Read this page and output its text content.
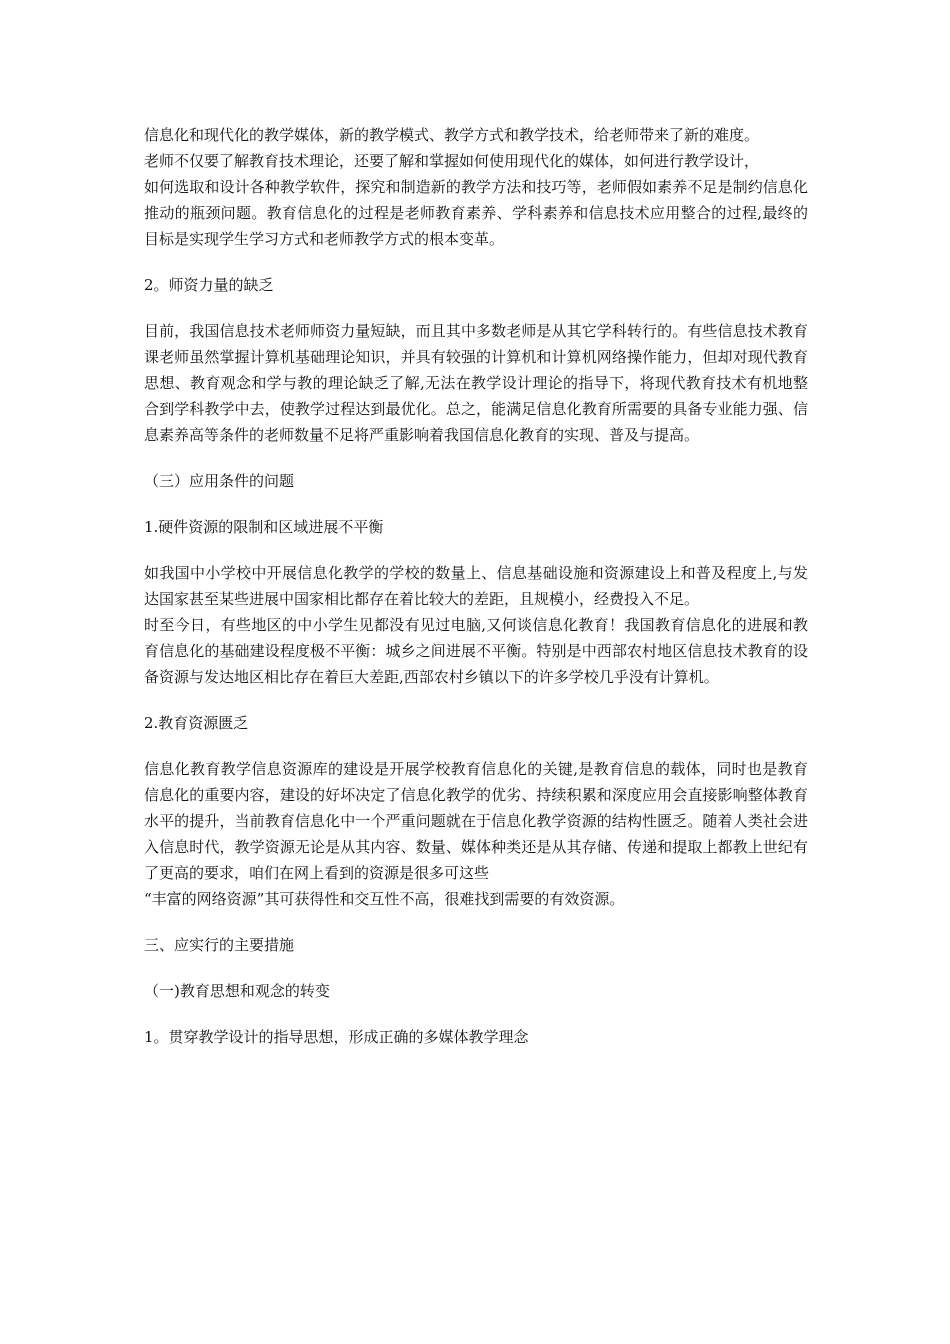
信息化和现代化的教学媒体，新的教学模式、教学方式和教学技术，给老师带来了新的难度。

老师不仅要了解教育技术理论，还要了解和掌握如何使用现代化的媒体，如何进行教学设计，

如何选取和设计各种教学软件，探究和制造新的教学方法和技巧等，老师假如素养不足是制约信息化推动的瓶颈问题。教育信息化的过程是老师教育素养、学科素养和信息技术应用整合的过程,最终的目标是实现学生学习方式和老师教学方式的根本变革。

2。师资力量的缺乏

目前，我国信息技术老师师资力量短缺，而且其中多数老师是从其它学科转行的。有些信息技术教育课老师虽然掌握计算机基础理论知识，并具有较强的计算机和计算机网络操作能力，但却对现代教育思想、教育观念和学与教的理论缺乏了解,无法在教学设计理论的指导下，将现代教育技术有机地整合到学科教学中去，使教学过程达到最优化。总之，能满足信息化教育所需要的具备专业能力强、信息素养高等条件的老师数量不足将严重影响着我国信息化教育的实现、普及与提高。

（三）应用条件的问题

1.硬件资源的限制和区域进展不平衡

如我国中小学校中开展信息化教学的学校的数量上、信息基础设施和资源建设上和普及程度上,与发达国家甚至某些进展中国家相比都存在着比较大的差距，且规模小，经费投入不足。

时至今日，有些地区的中小学生见都没有见过电脑,又何谈信息化教育！我国教育信息化的进展和教育信息化的基础建设程度极不平衡：城乡之间进展不平衡。特别是中西部农村地区信息技术教育的设备资源与发达地区相比存在着巨大差距,西部农村乡镇以下的许多学校几乎没有计算机。

2.教育资源匮乏

信息化教育教学信息资源库的建设是开展学校教育信息化的关键,是教育信息的载体，同时也是教育信息化的重要内容，建设的好坏决定了信息化教学的优劣、持续积累和深度应用会直接影响整体教育水平的提升，当前教育信息化中一个严重问题就在于信息化教学资源的结构性匮乏。随着人类社会进入信息时代，教学资源无论是从其内容、数量、媒体种类还是从其存储、传递和提取上都教上世纪有了更高的要求，咱们在网上看到的资源是很多可这些

“丰富的网络资源”其可获得性和交互性不高，很难找到需要的有效资源。

三、应实行的主要措施

（一)教育思想和观念的转变

1。贯穿教学设计的指导思想，形成正确的多媒体教学理念
